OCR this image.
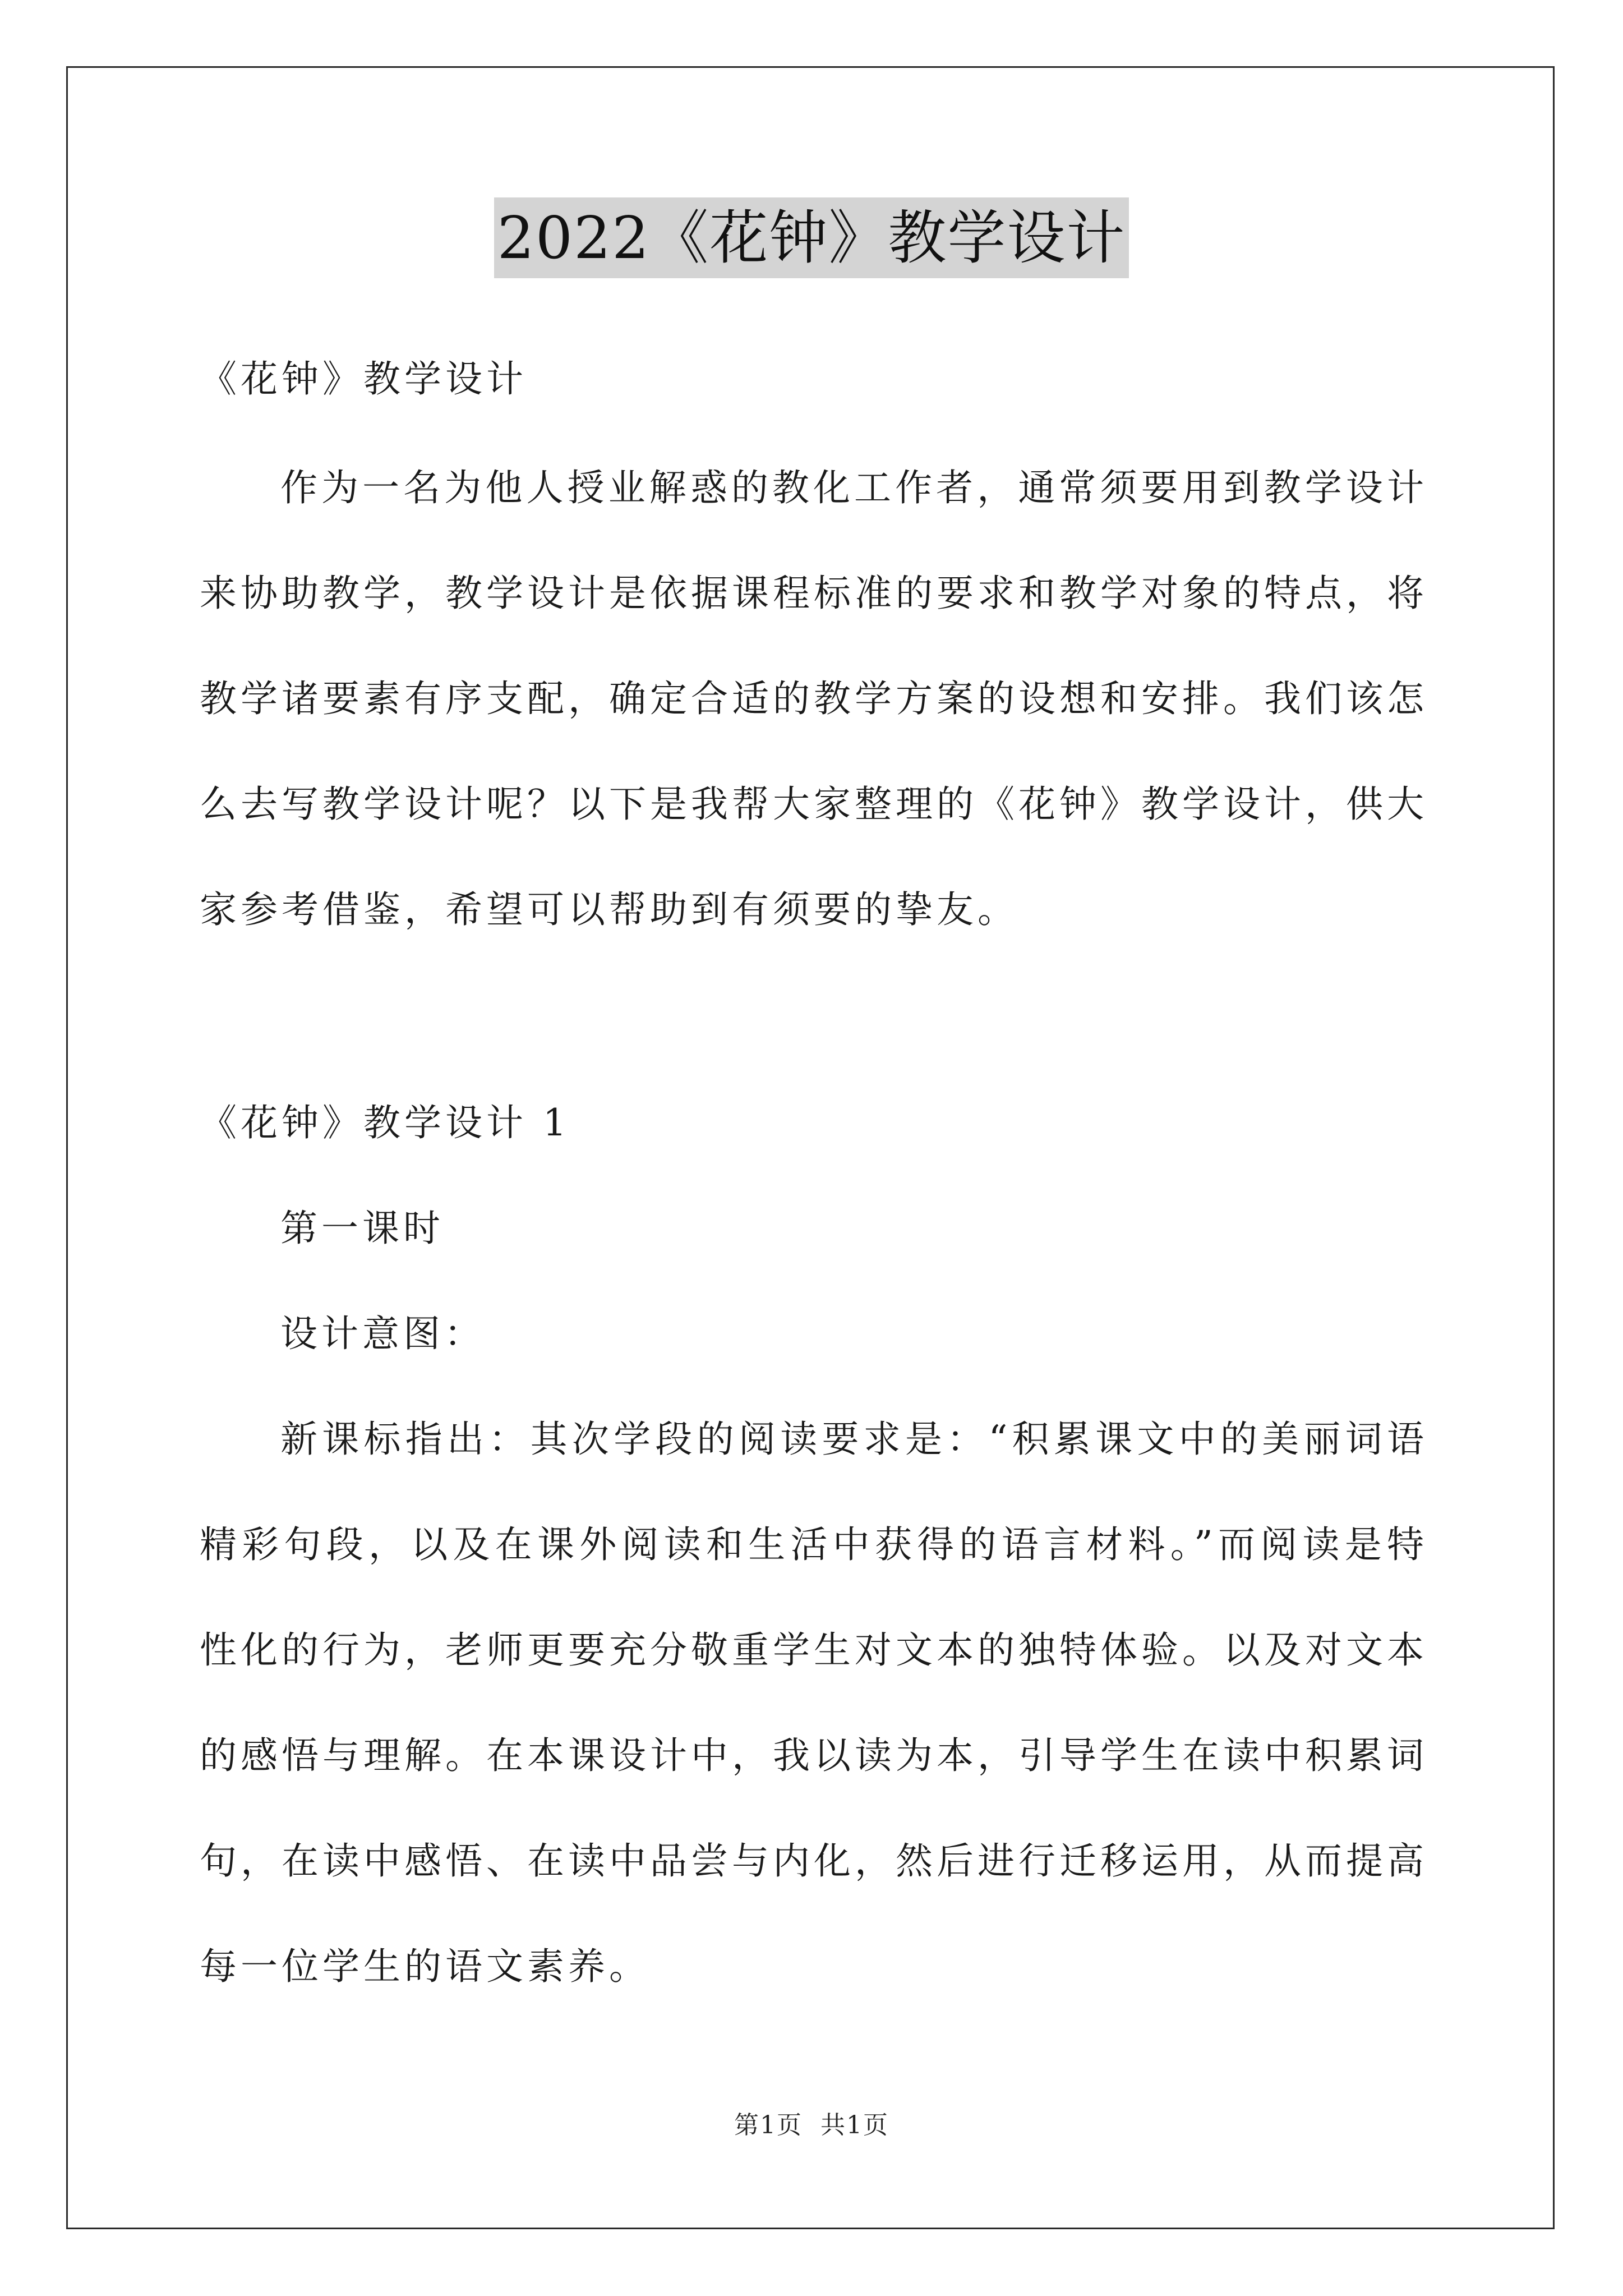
2022《花钟》教学设计

《花钟》教学设计

作为一名为他人授业解惑的教化工作者，通常须要用到教学设计来协助教学，教学设计是依据课程标准的要求和教学对象的特点，将教学诸要素有序支配，确定合适的教学方案的设想和安排。我们该怎么去写教学设计呢？以下是我帮大家整理的《花钟》教学设计，供大家参考借鉴，希望可以帮助到有须要的挚友。

《花钟》教学设计 1

第一课时

设计意图：

新课标指出：其次学段的阅读要求是：“积累课文中的美丽词语精彩句段，以及在课外阅读和生活中获得的语言材料。”而阅读是特性化的行为，老师更要充分敬重学生对文本的独特体验。以及对文本的感悟与理解。在本课设计中，我以读为本，引导学生在读中积累词句，在读中感悟、在读中品尝与内化，然后进行迁移运用，从而提高每一位学生的语文素养。

第1页 共1页
